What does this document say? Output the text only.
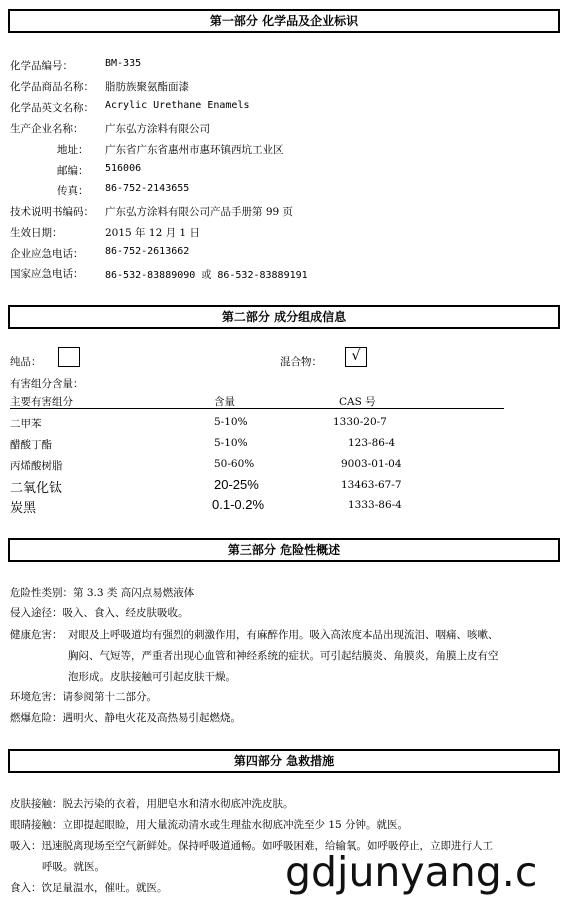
第一部分 化学品及企业标识
化学品编号：	BM-335
化学品商品名称： 脂肪族聚氨酯面漆
化学品英文名称： Acrylic Urethane Enamels
生产企业名称： 广东弘方涂料有限公司
地址： 广东省广东省惠州市惠环镇西坑工业区
邮编： 516006
传真： 86-752-2143655
技术说明书编码： 广东弘方涂料有限公司产品手册第 99 页
生效日期：	2015 年 12 月 1 日
企业应急电话： 86-752-2613662
国家应急电话： 86-532-83889090 或 86-532-83889191
第二部分 成分组成信息
纯品：	混合物：	√
有害组分含量：
主要有害组分	含量	CAS 号
二甲苯	5-10%	1330-20-7
醋酸丁酯	5-10%	123-86-4
丙烯酸树脂	50-60%	9003-01-04
二氧化钛	20-25%	13463-67-7
炭黑	0.1-0.2%	1333-86-4
第三部分 危险性概述
危险性类别：第 3.3 类 高闪点易燃液体
侵入途径：吸入、食入、经皮肤吸收。
健康危害： 对眼及上呼吸道均有强烈的刺激作用，有麻醉作用。吸入高浓度本品出现流泪、咽痛、咳嗽、
胸闷、气短等，严重者出现心血管和神经系统的症状。可引起结膜炎、角膜炎，角膜上皮有空
泡形成。皮肤接触可引起皮肤干燥。
环境危害：请参阅第十二部分。
燃爆危险：遇明火、静电火花及高热易引起燃烧。
第四部分 急救措施
皮肤接触：脱去污染的衣着，用肥皂水和清水彻底冲洗皮肤。
眼睛接触：立即提起眼睑，用大量流动清水或生理盐水彻底冲洗至少 15 分钟。就医。
吸入：迅速脱离现场至空气新鲜处。保持呼吸道通畅。如呼吸困难，给输氧。如呼吸停止，立即进行人工
呼吸。就医。
食入：饮足量温水，催吐。就医。	gdjunyang.c
